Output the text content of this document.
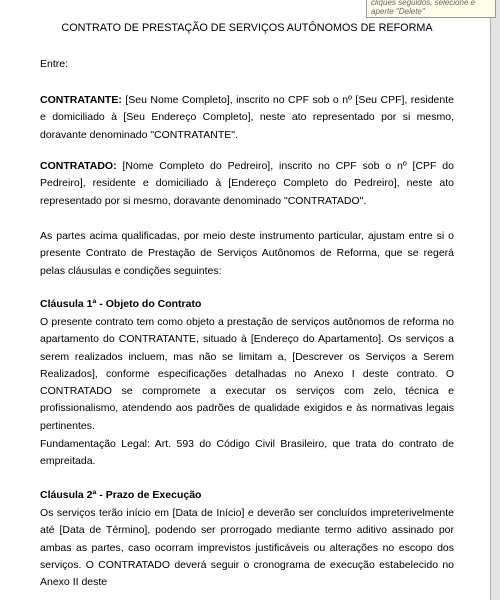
CONTRATO DE PRESTAÇÃO DE SERVIÇOS AUTÔNOMOS DE REFORMA

Entre:

CONTRATANTE: [Seu Nome Completo], inscrito no CPF sob o nº [Seu CPF], residente e domiciliado à [Seu Endereço Completo], neste ato representado por si mesmo, doravante denominado "CONTRATANTE".

CONTRATADO: [Nome Completo do Pedreiro], inscrito no CPF sob o nº [CPF do Pedreiro], residente e domiciliado à [Endereço Completo do Pedreiro], neste ato representado por si mesmo, doravante denominado "CONTRATADO".

As partes acima qualificadas, por meio deste instrumento particular, ajustam entre si o presente Contrato de Prestação de Serviços Autônomos de Reforma, que se regerá pelas cláusulas e condições seguintes:

Cláusula 1ª - Objeto do Contrato

O presente contrato tem como objeto a prestação de serviços autônomos de reforma no apartamento do CONTRATANTE, situado à [Endereço do Apartamento]. Os serviços a serem realizados incluem, mas não se limitam a, [Descrever os Serviços a Serem Realizados], conforme especificações detalhadas no Anexo I deste contrato. O CONTRATADO se compromete a executar os serviços com zelo, técnica e profissionalismo, atendendo aos padrões de qualidade exigidos e às normativas legais pertinentes.

Fundamentação Legal: Art. 593 do Código Civil Brasileiro, que trata do contrato de empreitada.

Cláusula 2ª - Prazo de Execução

Os serviços terão início em [Data de Início] e deverão ser concluídos impreterivelmente até [Data de Término], podendo ser prorrogado mediante termo aditivo assinado por ambas as partes, caso ocorram imprevistos justificáveis ou alterações no escopo dos serviços. O CONTRATADO deverá seguir o cronograma de execução estabelecido no Anexo II deste

cliques seguidos, selecione e
aperte "Delete"
